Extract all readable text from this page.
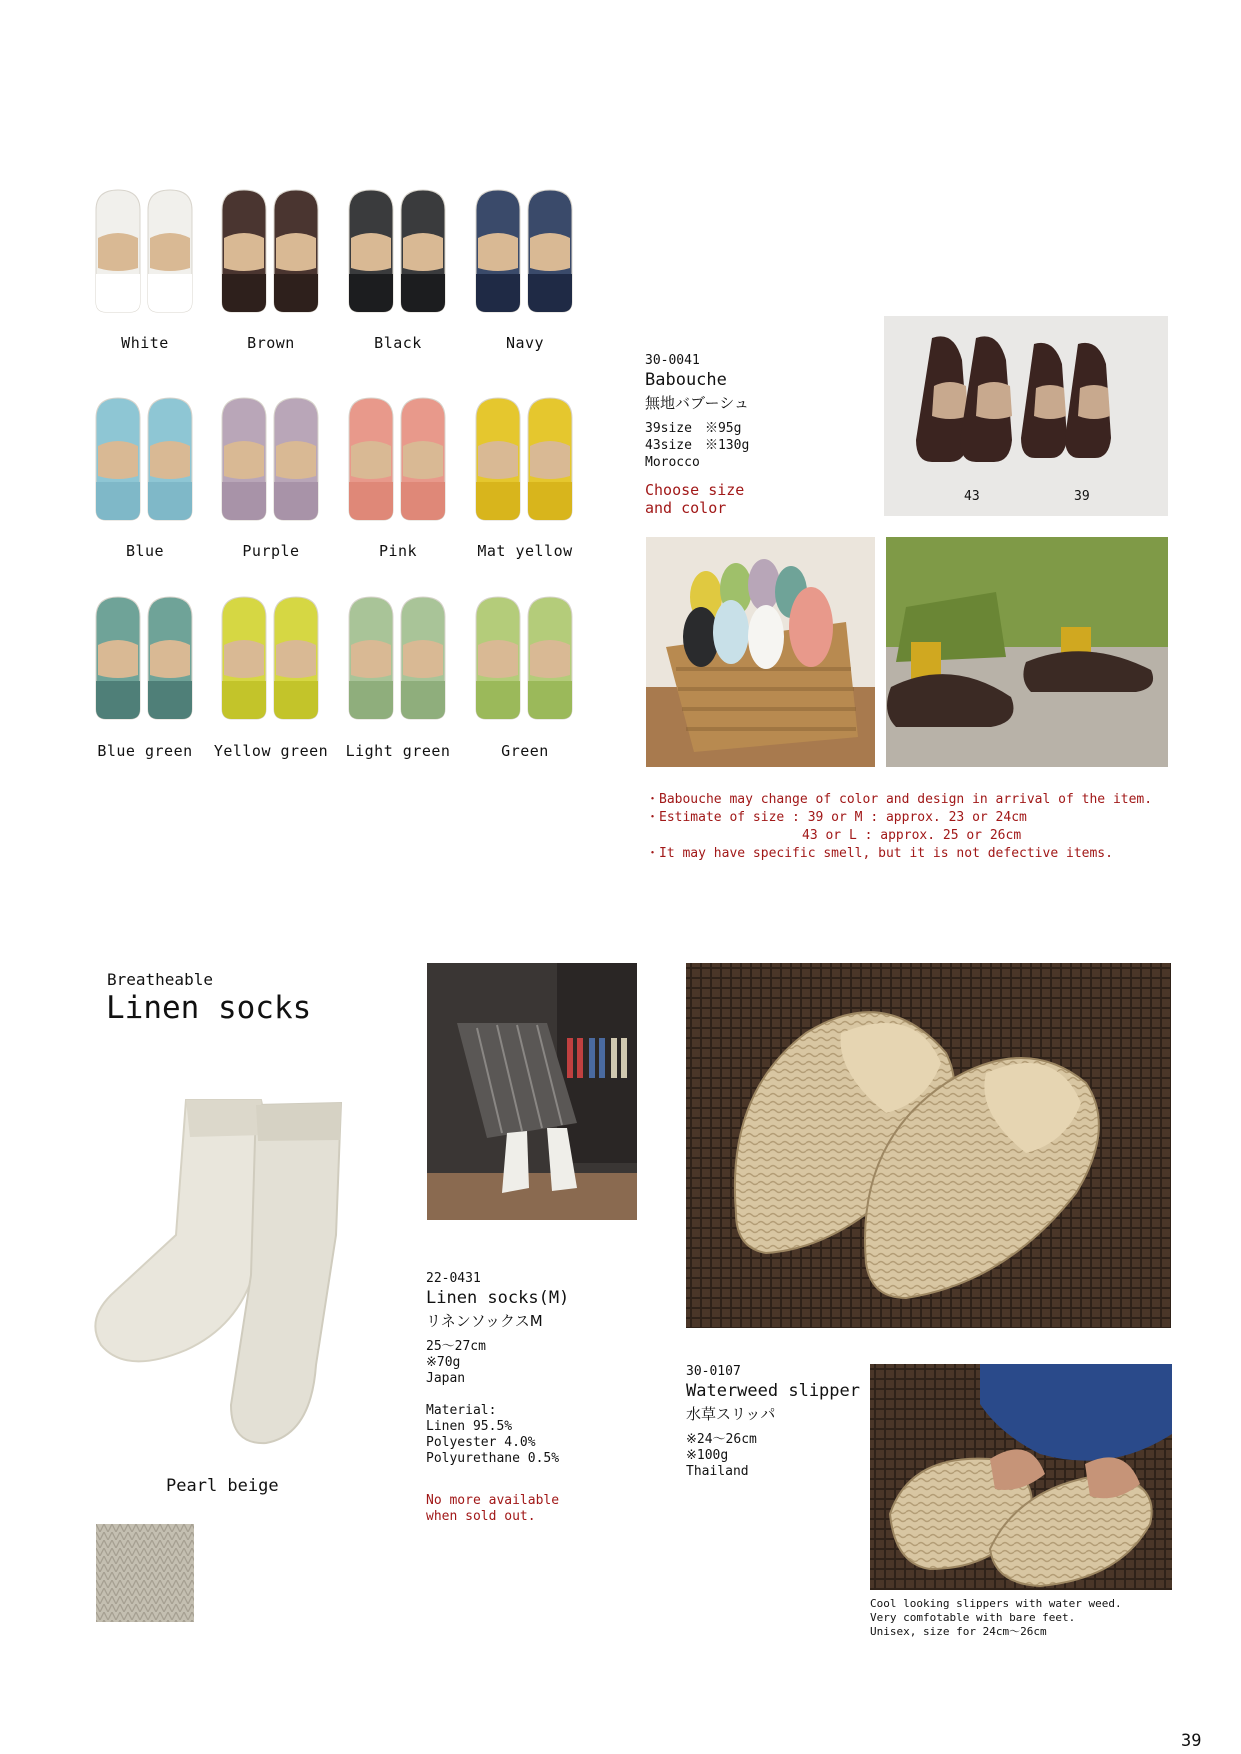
White	Brown	Black	Navy
Blue	Purple	Pink	Mat yellow
Blue green	Yellow green	Light green	Green
30-0041
Babouche
無地バブーシュ
39size　※95g
43size　※130g
Morocco
Choose size
and color
43	39
・Babouche may change of color and design in arrival of the item.
・Estimate of size : 39 or M : approx. 23 or 24cm
43 or L : approx. 25 or 26cm
・It may have specific smell, but it is not defective items.
Breatheable
Linen socks
Pearl beige
22-0431
Linen socks(M)
リネンソックスM
25～27cm
※70g
Japan
Material:
Linen 95.5%
Polyester 4.0%
Polyurethane 0.5%
No more available
when sold out.
30-0107
Waterweed slipper
水草スリッパ
※24～26cm
※100g
Thailand
Cool looking slippers with water weed.
Very comfotable with bare feet.
Unisex, size for 24cm～26cm
39
